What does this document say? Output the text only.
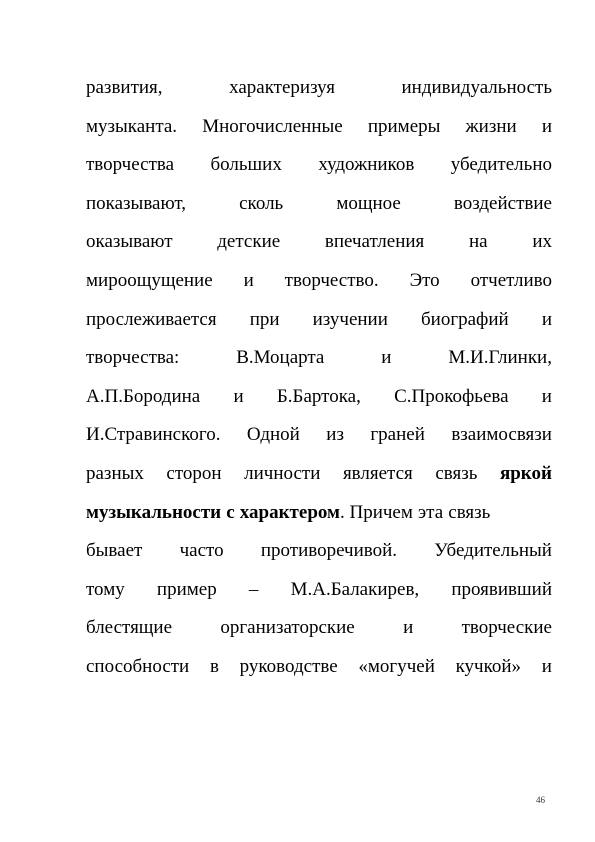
развития,	характеризуя	индивидуальность
музыканта. Многочисленные примеры жизни и
творчества больших художников убедительно
показывают,	сколь	мощное	воздействие
оказывают детские впечатления на их
мироощущение и творчество. Это отчетливо
прослеживается при изучении биографий и
творчества:	В.Моцарта	и	М.И.Глинки,
А.П.Бородина и Б.Бартока, С.Прокофьева и
И.Стравинского. Одной из граней взаимосвязи
разных сторон личности является связь яркой
музыкальности с характером . Причем эта связь
бывает часто противоречивой. Убедительный
тому пример – М.А.Балакирев, проявивший
блестящие	организаторские	и	творческие
способности в руководстве «могучей кучкой» и
46
